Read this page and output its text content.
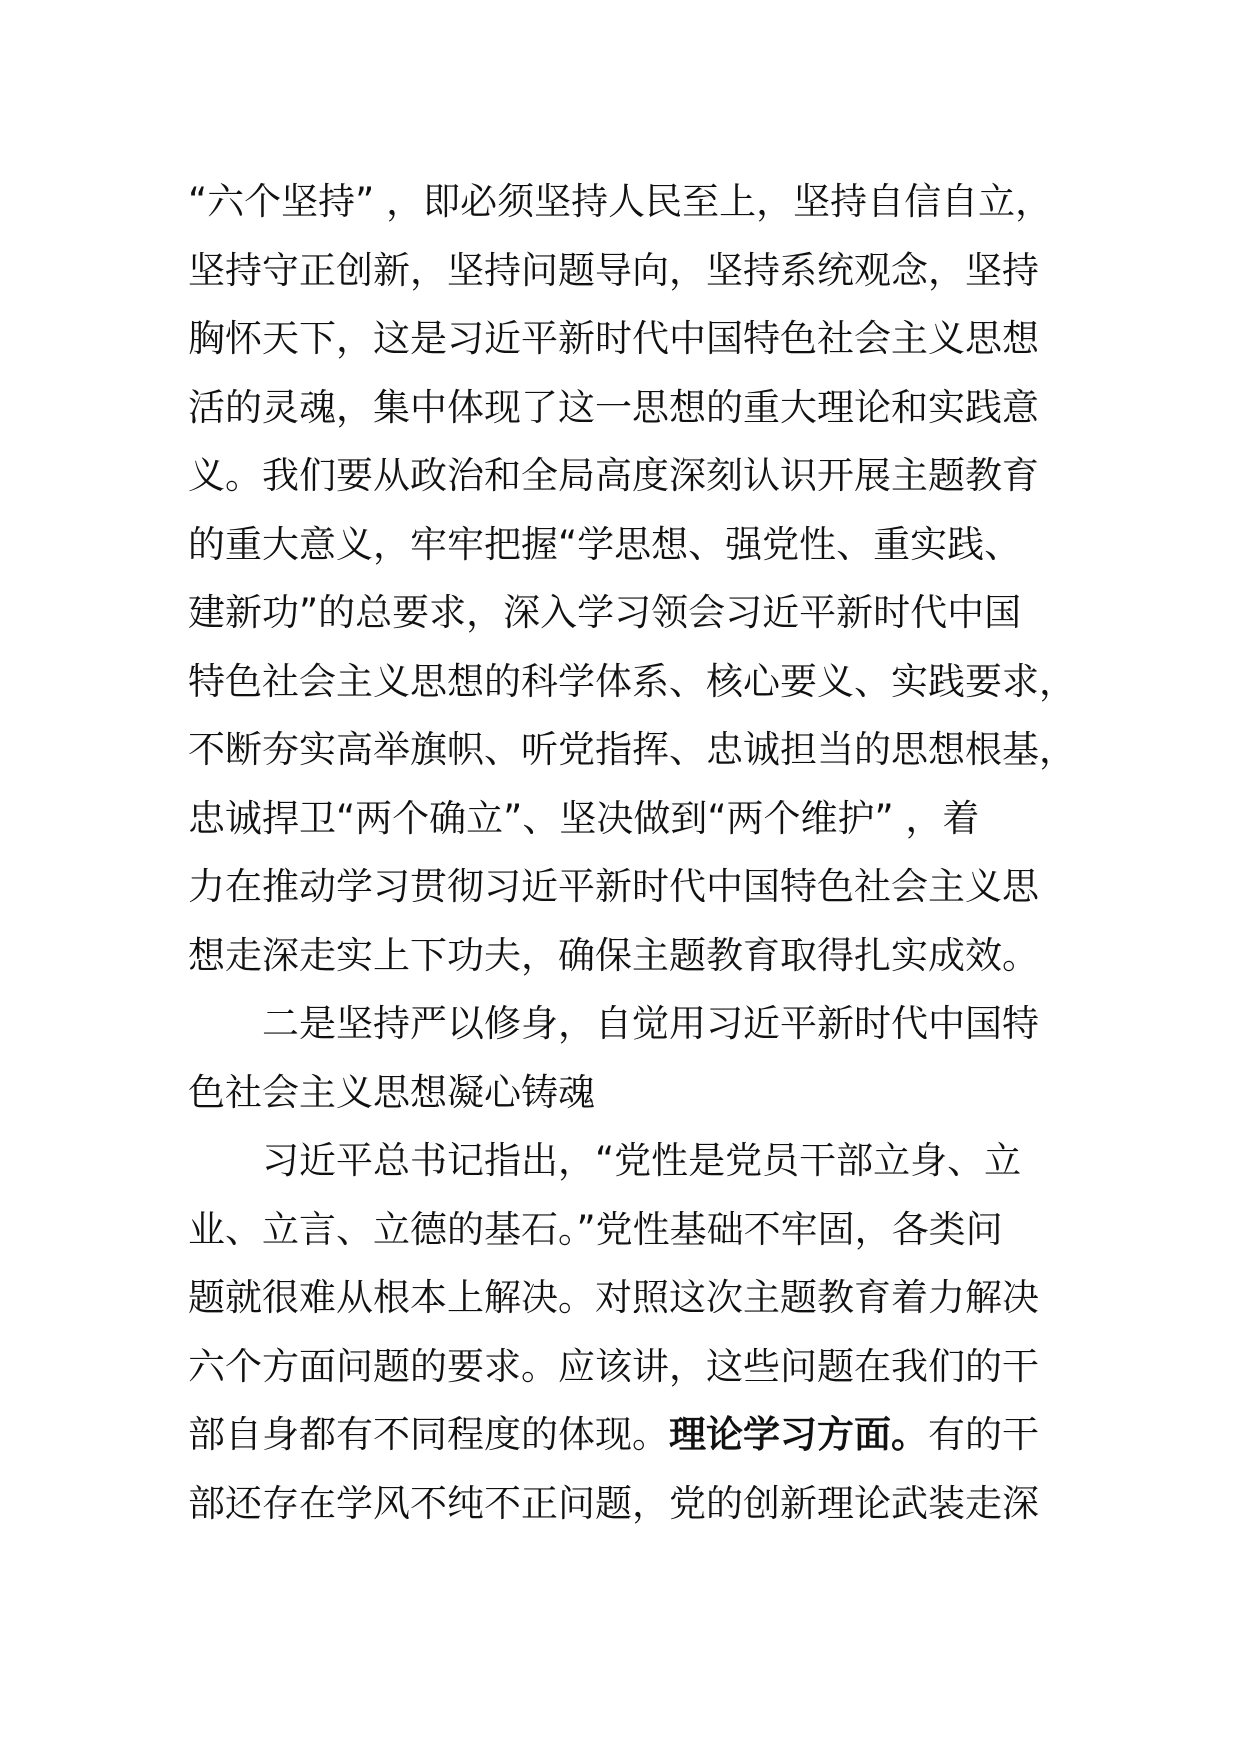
“六个坚持” ，即必须坚持人民至上，坚持自信自立，
坚持守正创新，坚持问题导向，坚持系统观念，坚持
胸怀天下，这是习近平新时代中国特色社会主义思想
活的灵魂，集中体现了这一思想的重大理论和实践意
义。我们要从政治和全局高度深刻认识开展主题教育
的重大意义，牢牢把握“学思想、强党性、重实践、
建新功”的总要求，深入学习领会习近平新时代中国
特色社会主义思想的科学体系、核心要义、实践要求，
不断夯实高举旗帜、听党指挥、忠诚担当的思想根基，
忠诚捍卫“两个确立”、坚决做到“两个维护” ，着
力在推动学习贯彻习近平新时代中国特色社会主义思
想走深走实上下功夫，确保主题教育取得扎实成效。
二是坚持严以修身，自觉用习近平新时代中国特
色社会主义思想凝心铸魂
习近平总书记指出，“党性是党员干部立身、立
业、立言、立德的基石。”党性基础不牢固，各类问
题就很难从根本上解决。对照这次主题教育着力解决
六个方面问题的要求。应该讲，这些问题在我们的干
部自身都有不同程度的体现。理论学习方面。有的干
部还存在学风不纯不正问题，党的创新理论武装走深
